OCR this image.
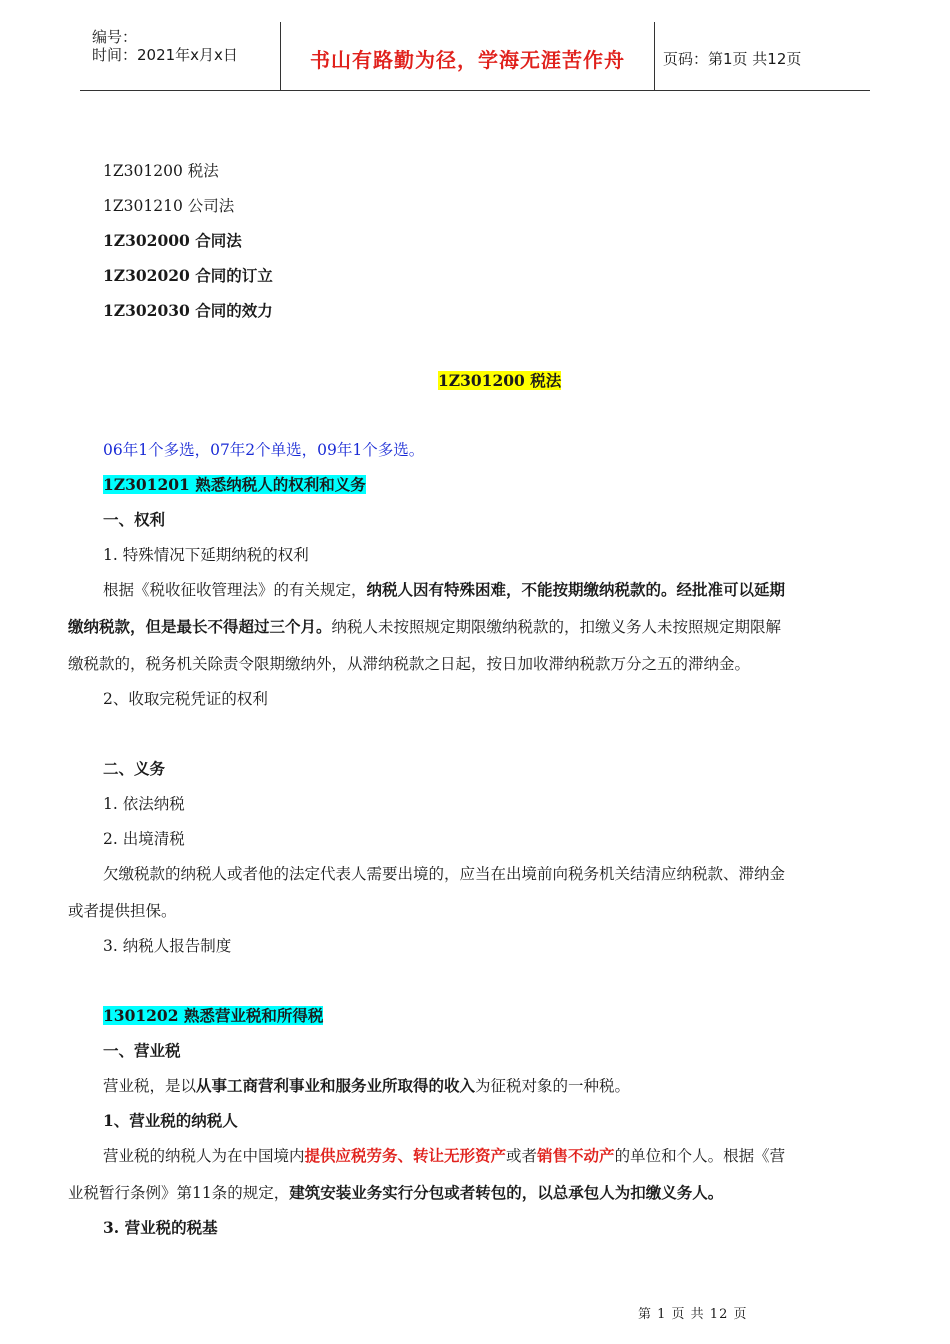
编号：
时间：2021年x月x日	书山有路勤为径，学海无涯苦作舟	页码：第1页 共12页
1Z301200 税法
1Z301210 公司法
1Z302000 合同法
1Z302020 合同的订立
1Z302030 合同的效力
1Z301200 税法
06年1个多选，07年2个单选，09年1个多选。
1Z301201 熟悉纳税人的权利和义务
一、权利
1. 特殊情况下延期纳税的权利
根据《税收征收管理法》的有关规定，纳税人因有特殊困难，不能按期缴纳税款的。经批准可以延期
缴纳税款，但是最长不得超过三个月。纳税人未按照规定期限缴纳税款的，扣缴义务人未按照规定期限解
缴税款的，税务机关除责令限期缴纳外，从滞纳税款之日起，按日加收滞纳税款万分之五的滞纳金。
2、收取完税凭证的权利
二、义务
1. 依法纳税
2. 出境清税
欠缴税款的纳税人或者他的法定代表人需要出境的，应当在出境前向税务机关结清应纳税款、滞纳金
或者提供担保。
3. 纳税人报告制度
1301202 熟悉营业税和所得税
一、营业税
营业税，是以从事工商营利事业和服务业所取得的收入为征税对象的一种税。
1、营业税的纳税人
营业税的纳税人为在中国境内提供应税劳务、转让无形资产或者销售不动产的单位和个人。根据《营
业税暂行条例》第11条的规定，建筑安装业务实行分包或者转包的，以总承包人为扣缴义务人。
3. 营业税的税基
第 1 页 共 12 页
